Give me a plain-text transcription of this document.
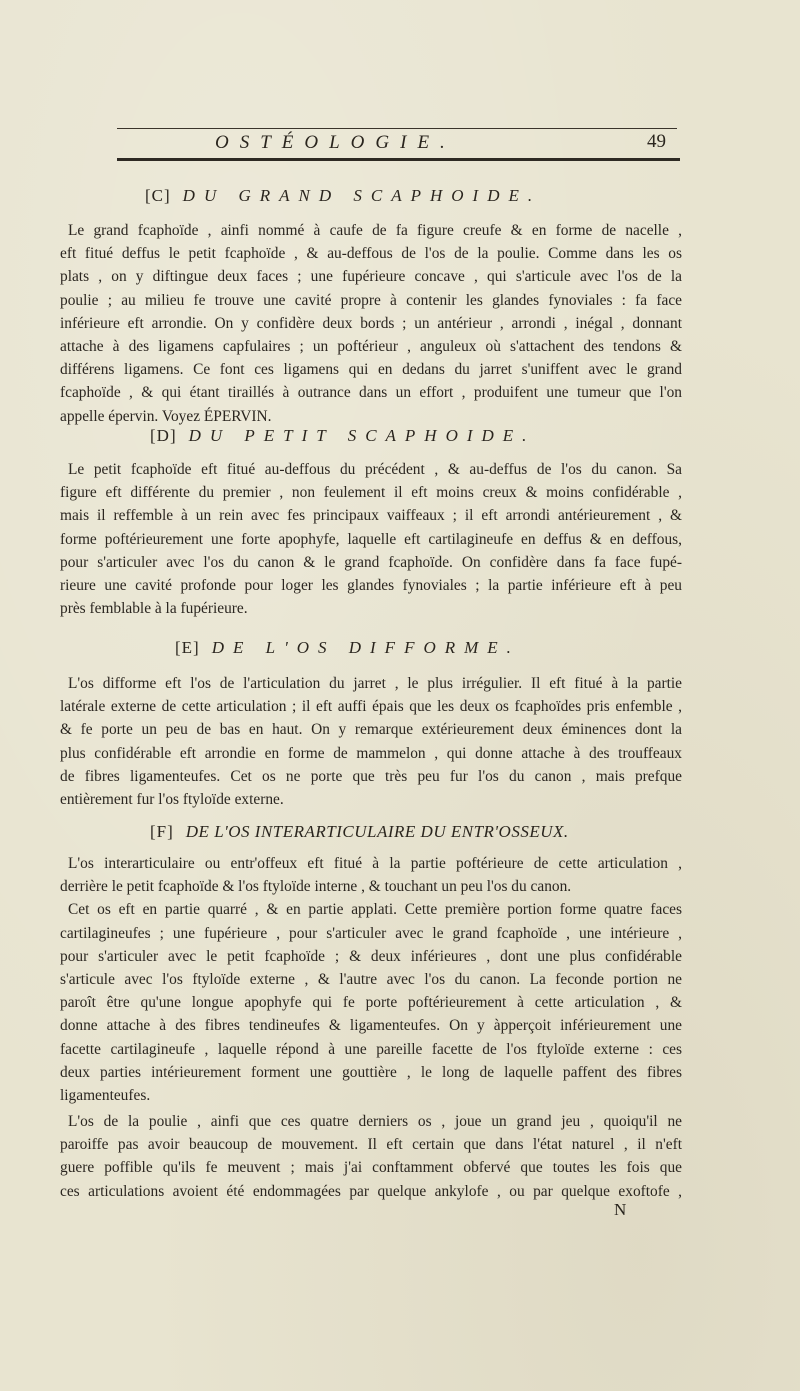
OSTÉOLOGIE.	49
[C] DU GRAND SCAPHOIDE.
Le grand fcaphoïde , ainfi nommé à caufe de fa figure creufe & en forme de nacelle ,
eft fitué deffus le petit fcaphoïde , & au-deffous de l'os de la poulie. Comme dans les os
plats , on y diftingue deux faces ; une fupérieure concave , qui s'articule avec l'os de la
poulie ; au milieu fe trouve une cavité propre à contenir les glandes fynoviales : fa face
inférieure eft arrondie. On y confidère deux bords ; un antérieur , arrondi , inégal , donnant
attache à des ligamens capfulaires ; un poftérieur , anguleux où s'attachent des tendons &
différens ligamens. Ce font ces ligamens qui en dedans du jarret s'uniffent avec le grand
fcaphoïde , & qui étant tiraillés à outrance dans un effort , produifent une tumeur que l'on
appelle épervin. Voyez ÉPERVIN.
[D] DU PETIT SCAPHOIDE.
Le petit fcaphoïde eft fitué au-deffous du précédent , & au-deffus de l'os du canon. Sa
figure eft différente du premier , non feulement il eft moins creux & moins confidérable ,
mais il reffemble à un rein avec fes principaux vaiffeaux ; il eft arrondi antérieurement , &
forme poftérieurement une forte apophyfe, laquelle eft cartilagineufe en deffus & en deffous,
pour s'articuler avec l'os du canon & le grand fcaphoïde. On confidère dans fa face fupé-
rieure une cavité profonde pour loger les glandes fynoviales ; la partie inférieure eft à peu
près femblable à la fupérieure.
[E] DE L'OS DIFFORME.
L'os difforme eft l'os de l'articulation du jarret , le plus irrégulier. Il eft fitué à la partie
latérale externe de cette articulation ; il eft auffi épais que les deux os fcaphoïdes pris enfemble ,
& fe porte un peu de bas en haut. On y remarque extérieurement deux éminences dont la
plus confidérable eft arrondie en forme de mammelon , qui donne attache à des trouffeaux
de fibres ligamenteufes. Cet os ne porte que très peu fur l'os du canon , mais prefque
entièrement fur l'os ftyloïde externe.
[F] DE L'OS INTERARTICULAIRE DU ENTR'OSSEUX.
L'os interarticulaire ou entr'offeux eft fitué à la partie poftérieure de cette articulation ,
derrière le petit fcaphoïde & l'os ftyloïde interne , & touchant un peu l'os du canon.
Cet os eft en partie quarré , & en partie applati. Cette première portion forme quatre faces
cartilagineufes ; une fupérieure , pour s'articuler avec le grand fcaphoïde , une intérieure ,
pour s'articuler avec le petit fcaphoïde ; & deux inférieures , dont une plus confidérable
s'articule avec l'os ftyloïde externe , & l'autre avec l'os du canon. La feconde portion ne
paroît être qu'une longue apophyfe qui fe porte poftérieurement à cette articulation , &
donne attache à des fibres tendineufes & ligamenteufes. On y àpperçoit inférieurement une
facette cartilagineufe , laquelle répond à une pareille facette de l'os ftyloïde externe : ces
deux parties intérieurement forment une gouttière , le long de laquelle paffent des fibres
ligamenteufes.
L'os de la poulie , ainfi que ces quatre derniers os , joue un grand jeu , quoiqu'il ne
paroiffe pas avoir beaucoup de mouvement. Il eft certain que dans l'état naturel , il n'eft
guere poffible qu'ils fe meuvent ; mais j'ai conftamment obfervé que toutes les fois que
ces articulations avoient été endommagées par quelque ankylofe , ou par quelque exoftofe ,
N
